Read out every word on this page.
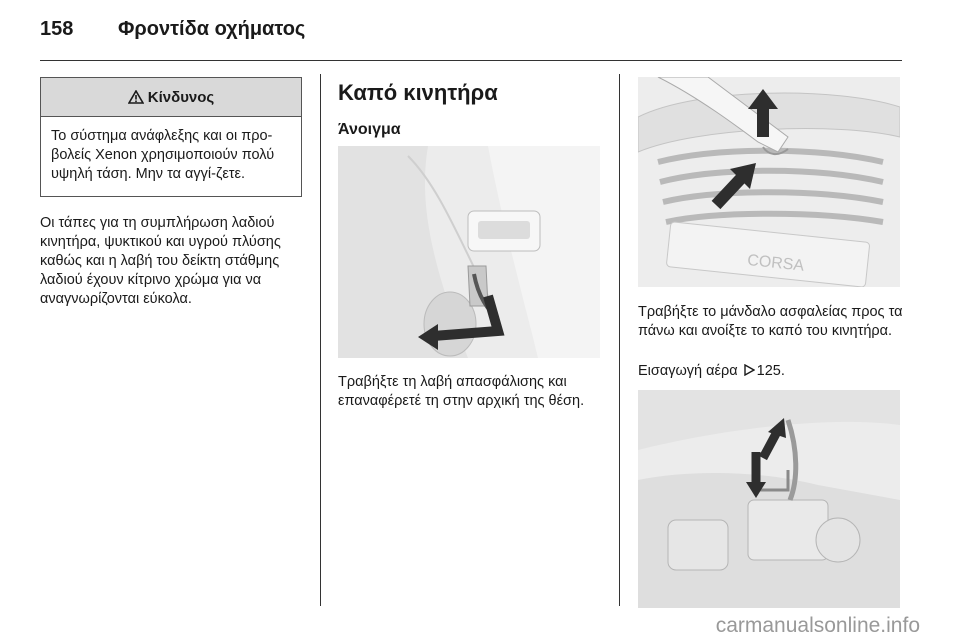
158 Φροντίδα οχήματος
Κίνδυνος
Το σύστημα ανάφλεξης και οι προ-βολείς Xenon χρησιμοποιούν πολύ υψηλή τάση. Μην τα αγγί-ζετε.
Οι τάπες για τη συμπλήρωση λαδιού κινητήρα, ψυκτικού και υγρού πλύσης καθώς και η λαβή του δείκτη στάθμης λαδιού έχουν κίτρινο χρώμα για να αναγνωρίζονται εύκολα.
Καπό κινητήρα
Άνοιγμα
Τραβήξτε τη λαβή απασφάλισης και επαναφέρετέ τη στην αρχική της θέση.
CORSA
Τραβήξτε το μάνδαλο ασφαλείας προς τα πάνω και ανοίξτε το καπό του κινητήρα.
Εισαγωγή αέρα 125.
carmanualsonline.info
